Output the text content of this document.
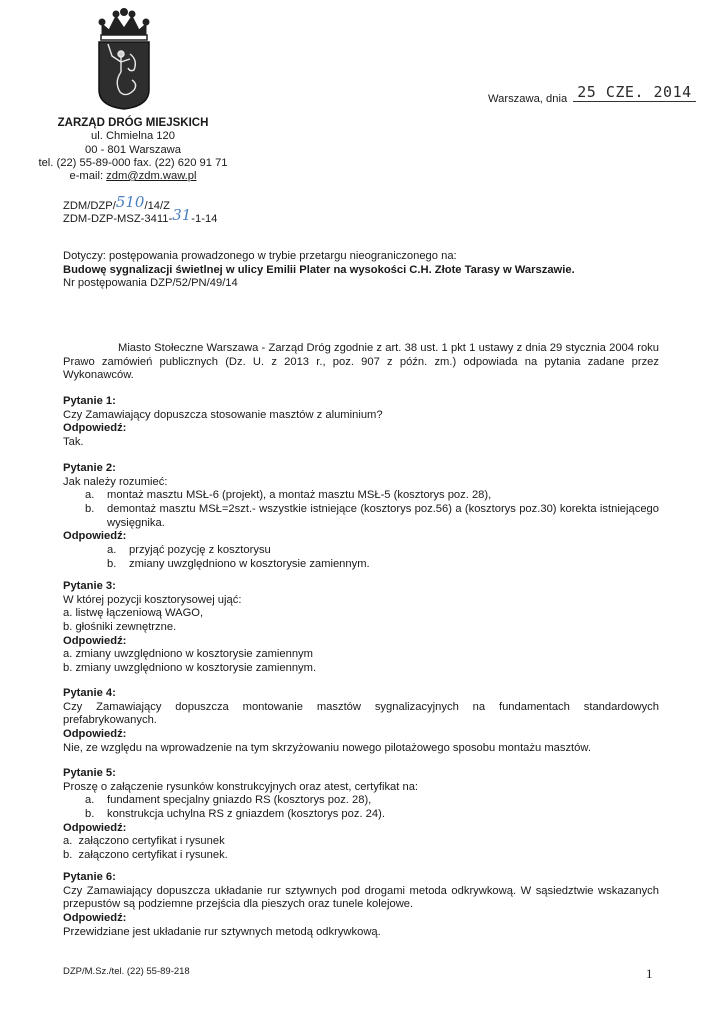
ZARZĄD DRÓG MIEJSKICH
ul. Chmielna 120
00 - 801 Warszawa
tel. (22) 55-89-000 fax. (22) 620 91 71
e-mail: zdm@zdm.waw.pl
Warszawa, dnia 25 CZE. 2014
ZDM/DZP/510/14/Z
ZDM-DZP-MSZ-3411-31-1-14
Dotyczy: postępowania prowadzonego w trybie przetargu nieograniczonego na:
Budowę sygnalizacji świetlnej w ulicy Emilii Plater na wysokości C.H. Złote Tarasy w Warszawie.
Nr postępowania DZP/52/PN/49/14
Miasto Stołeczne Warszawa - Zarząd Dróg zgodnie z art. 38 ust. 1 pkt 1 ustawy z dnia 29 stycznia 2004 roku Prawo zamówień publicznych (Dz. U. z 2013 r., poz. 907 z późn. zm.) odpowiada na pytania zadane przez Wykonawców.
Pytanie 1:
Czy Zamawiający dopuszcza stosowanie masztów z aluminium?
Odpowiedź:
Tak.
Pytanie 2:
Jak należy rozumieć:
a.	montaż masztu MSŁ-6 (projekt), a montaż masztu MSŁ-5 (kosztorys poz. 28),
b.	demontaż masztu MSŁ=2szt.- wszystkie istniejące (kosztorys poz.56) a (kosztorys poz.30) korekta istniejącego wysięgnika.
Odpowiedź:
a.	przyjąć pozycję z kosztorysu
b.	zmiany uwzględniono w kosztorysie zamiennym.
Pytanie 3:
W której pozycji kosztorysowej ująć:
a. listwę łączeniową WAGO,
b. głośniki zewnętrzne.
Odpowiedź:
a. zmiany uwzględniono w kosztorysie zamiennym
b. zmiany uwzględniono w kosztorysie zamiennym.
Pytanie 4:
Czy Zamawiający dopuszcza montowanie masztów sygnalizacyjnych na fundamentach standardowych prefabrykowanych.
Odpowiedź:
Nie, ze względu na wprowadzenie na tym skrzyżowaniu nowego pilotażowego sposobu montażu masztów.
Pytanie 5:
Proszę o załączenie rysunków konstrukcyjnych oraz atest, certyfikat na:
a.	fundament specjalny gniazdo RS (kosztorys poz. 28),
b.	konstrukcja uchylna RS z gniazdem (kosztorys poz. 24).
Odpowiedź:
a.  załączono certyfikat i rysunek
b.  załączono certyfikat i rysunek.
Pytanie 6:
Czy Zamawiający dopuszcza układanie rur sztywnych pod drogami metoda odkrywkową. W sąsiedztwie wskazanych przepustów są podziemne przejścia dla pieszych oraz tunele kolejowe.
Odpowiedź:
Przewidziane jest układanie rur sztywnych metodą odkrywkową.
DZP/M.Sz./tel. (22) 55-89-218	1
